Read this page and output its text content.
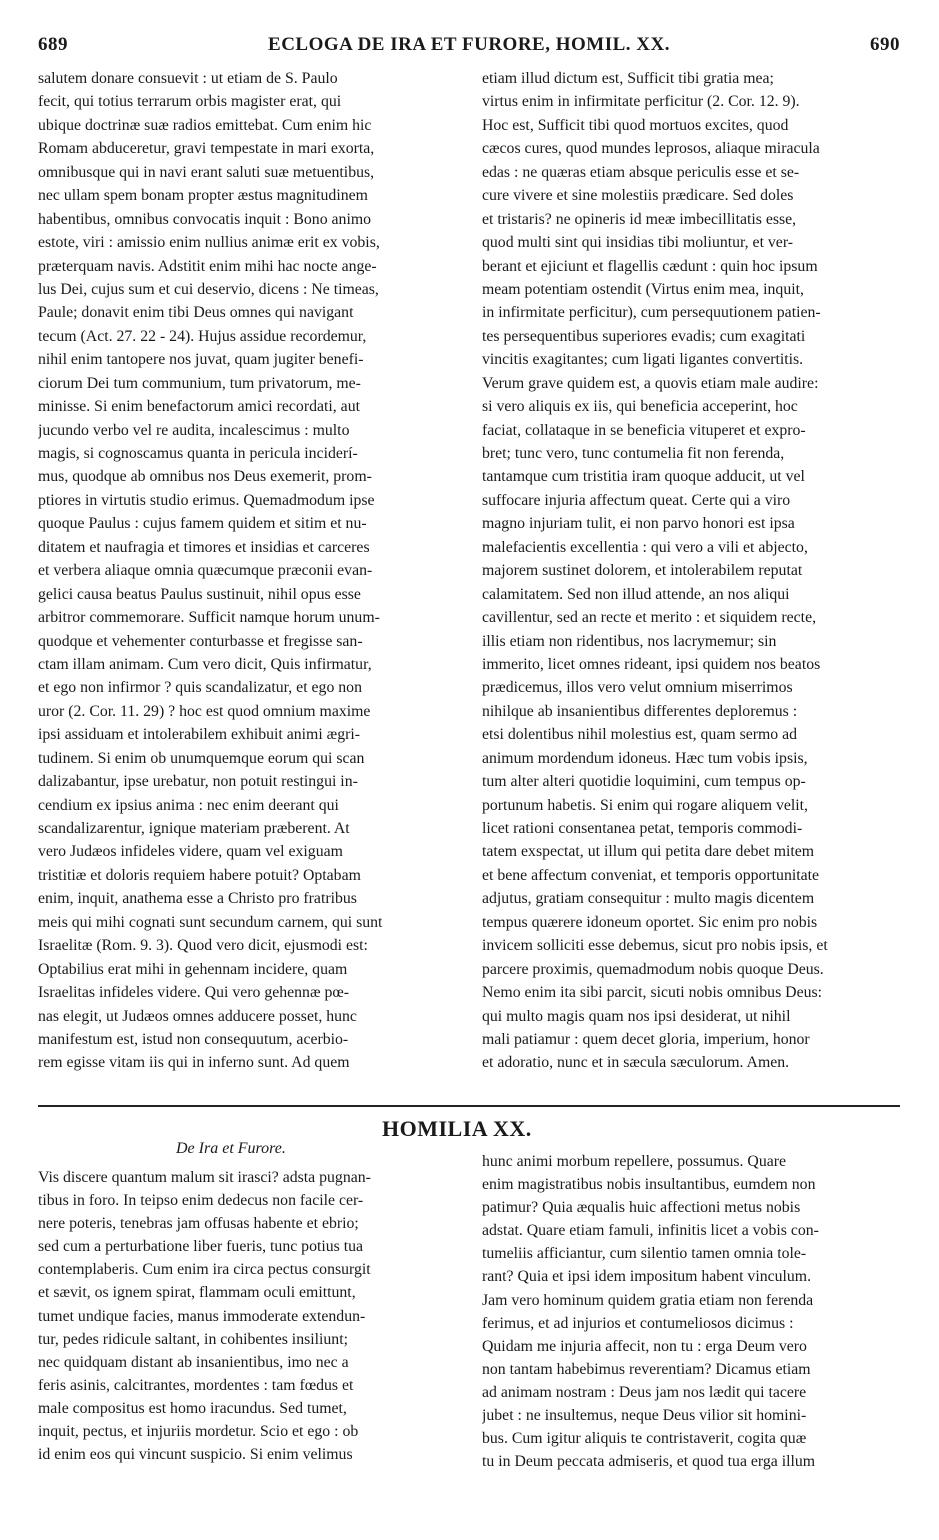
689	ECLOGA DE IRA ET FURORE, HOMIL. XX.	690
salutem donare consuevit : ut etiam de S. Paulo
fecit, qui totius terrarum orbis magister erat, qui
ubique doctrinæ suæ radios emittebat. Cum enim hic
Romam abduceretur, gravi tempestate in mari exorta,
omnibusque qui in navi erant saluti suæ metuentibus,
nec ullam spem bonam propter æstus magnitudinem
habentibus, omnibus convocatis inquit : Bono animo
estote, viri : amissio enim nullius animæ erit ex vobis,
præterquam navis. Adstitit enim mihi hac nocte ange-
lus Dei, cujus sum et cui deservio, dicens : Ne timeas,
Paule; donavit enim tibi Deus omnes qui navigant
tecum (Act. 27. 22 - 24). Hujus assidue recordemur,
nihil enim tantopere nos juvat, quam jugiter benefi-
ciorum Dei tum communium, tum privatorum, me-
minisse. Si enim benefactorum amici recordati, aut
jucundo verbo vel re audita, incalescimus : multo
magis, si cognoscamus quanta in pericula inciderí-
mus, quodque ab omnibus nos Deus exemerit, prom-
ptiores in virtutis studio erimus. Quemadmodum ipse
quoque Paulus : cujus famem quidem et sitim et nu-
ditatem et naufragia et timores et insidias et carceres
et verbera aliaque omnia quæcumque præconii evan-
gelici causa beatus Paulus sustinuit, nihil opus esse
arbitror commemorare. Sufficit namque horum unum-
quodque et vehementer conturbasse et fregisse san-
ctam illam animam. Cum vero dicit, Quis infirmatur,
et ego non infirmor ? quis scandalizatur, et ego non
uror (2. Cor. 11. 29) ? hoc est quod omnium maxime
ipsi assiduam et intolerabilem exhibuit animi ægri-
tudinem. Si enim ob unumquemque eorum qui scan
dalizabantur, ipse urebatur, non potuit restingui in-
cendium ex ipsius anima : nec enim deerant qui
scandalizarentur, ignique materiam præberent. At
vero Judæos infideles videre, quam vel exiguam
tristitiæ et doloris requiem habere potuit? Optabam
enim, inquit, anathema esse a Christo pro fratribus
meis qui mihi cognati sunt secundum carnem, qui sunt
Israelitæ (Rom. 9. 3). Quod vero dicit, ejusmodi est:
Optabilius erat mihi in gehennam incidere, quam
Israelitas infideles videre. Qui vero gehennæ pœ-
nas elegit, ut Judæos omnes adducere posset, hunc
manifestum est, istud non consequutum, acerbio-
rem egisse vitam iis qui in inferno sunt. Ad quem
etiam illud dictum est, Sufficit tibi gratia mea;
virtus enim in infirmitate perficitur (2. Cor. 12. 9).
Hoc est, Sufficit tibi quod mortuos excites, quod
cæcos cures, quod mundes leprosos, aliaque miracula
edas : ne quæras etiam absque periculis esse et se-
cure vivere et sine molestiis prædicare. Sed doles
et tristaris? ne opineris id meæ imbecillitatis esse,
quod multi sint qui insidias tibi moliuntur, et ver-
berant et ejiciunt et flagellis cædunt : quin hoc ipsum
meam potentiam ostendit (Virtus enim mea, inquit,
in infirmitate perficitur), cum persequutionem patien-
tes persequentibus superiores evadis; cum exagitati
vincitis exagitantes; cum ligati ligantes convertitis.
Verum grave quidem est, a quovis etiam male audire:
si vero aliquis ex iis, qui beneficia acceperint, hoc
faciat, collataque in se beneficia vituperet et expro-
bret; tunc vero, tunc contumelia fit non ferenda,
tantamque cum tristitia iram quoque adducit, ut vel
suffocare injuria affectum queat. Certe qui a viro
magno injuriam tulit, ei non parvo honori est ipsa
malefacientis excellentia : qui vero a vili et abjecto,
majorem sustinet dolorem, et intolerabilem reputat
calamitatem. Sed non illud attende, an nos aliqui
cavillentur, sed an recte et merito : et siquidem recte,
illis etiam non ridentibus, nos lacrymemur; sin
immerito, licet omnes rideant, ipsi quidem nos beatos
prædicemus, illos vero velut omnium miserrimos
nihilque ab insanientibus differentes deploremus :
etsi dolentibus nihil molestius est, quam sermo ad
animum mordendum idoneus. Hæc tum vobis ipsis,
tum alter alteri quotidie loquimini, cum tempus op-
portunum habetis. Si enim qui rogare aliquem velit,
licet rationi consentanea petat, temporis commodi-
tatem exspectat, ut illum qui petita dare debet mitem
et bene affectum conveniat, et temporis opportunitate
adjutus, gratiam consequitur : multo magis dicentem
tempus quærere idoneum oportet. Sic enim pro nobis
invicem solliciti esse debemus, sicut pro nobis ipsis, et
parcere proximis, quemadmodum nobis quoque Deus.
Nemo enim ita sibi parcit, sicuti nobis omnibus Deus:
qui multo magis quam nos ipsi desiderat, ut nihil
mali patiamur : quem decet gloria, imperium, honor
et adoratio, nunc et in sæcula sæculorum. Amen.
HOMILIA XX.
De Ira et Furore.
Vis discere quantum malum sit irasci? adsta pugnan-
tibus in foro. In teipso enim dedecus non facile cer-
nere poteris, tenebras jam offusas habente et ebrio;
sed cum a perturbatione liber fueris, tunc potius tua
contemplaberis. Cum enim ira circa pectus consurgit
et sævit, os ignem spirat, flammam oculi emittunt,
tumet undique facies, manus immoderate extendun-
tur, pedes ridicule saltant, in cohibentes insiliunt;
nec quidquam distant ab insanientibus, imo nec a
feris asinis, calcitrantes, mordentes : tam fœdus et
male compositus est homo iracundus. Sed tumet,
inquit, pectus, et injuriis mordetur. Scio et ego : ob
id enim eos qui vincunt suspicio. Si enim velimus
hunc animi morbum repellere, possumus. Quare
enim magistratibus nobis insultantibus, eumdem non
patimur? Quia æqualis huic affectioni metus nobis
adstat. Quare etiam famuli, infinitis licet a vobis con-
tumeliis afficiantur, cum silentio tamen omnia tole-
rant? Quia et ipsi idem impositum habent vinculum.
Jam vero hominum quidem gratia etiam non ferenda
ferimus, et ad injurios et contumeliosos dicimus :
Quidam me injuria affecit, non tu : erga Deum vero
non tantam habebimus reverentiam? Dicamus etiam
ad animam nostram : Deus jam nos lædit qui tacere
jubet : ne insultemus, neque Deus vilior sit homini-
bus. Cum igitur aliquis te contristaverit, cogita quæ
tu in Deum peccata admiseris, et quod tua erga illum
